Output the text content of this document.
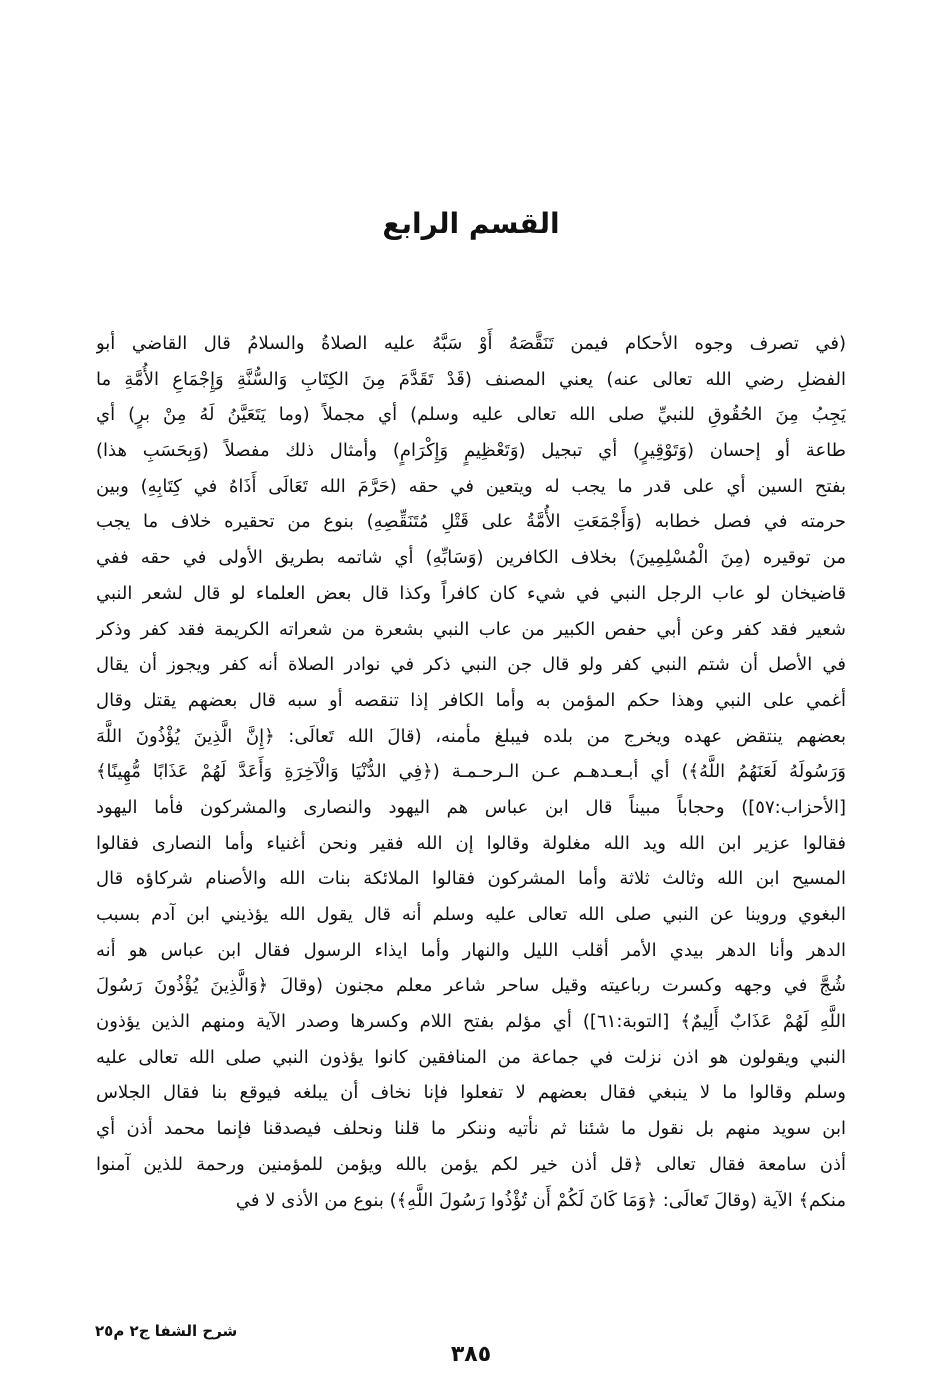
القسم الرابع
(في تصرف وجوه الأحكام فيمن تَنَقَّصَهُ أَوْ سَبَّهُ عليه الصلاةُ والسلامُ قال القاضي أبو
الفضلِ رضي الله تعالى عنه) يعني المصنف (قَدْ تَقَدَّمَ مِنَ الكِتَابِ وَالسُّنَّةِ وَإِجْمَاعِ الأُمَّةِ ما
يَجِبُ مِنَ الحُقُوقِ للنبيِّ صلى الله تعالى عليه وسلم) أي مجملاً (وما يَتَعَيَّنُ لَهُ مِنْ برٍ) أي
طاعة أو إحسان (وَتَوْقِيرٍ) أي تبجيل (وَتَعْظِيمٍ وَإِكْرَامٍ) وأمثال ذلك مفصلاً (وَبِحَسَبِ هذا)
بفتح السين أي على قدر ما يجب له ويتعين في حقه (حَرَّمَ الله تَعَالَى أَذَاهُ في كِتَابِهِ) وبين
حرمته في فصل خطابه (وَأَجْمَعَتِ الأُمَّةُ على قَتْلِ مُتَنَقِّصِهِ) بنوع من تحقيره خلاف ما يجب
من توقيره (مِنَ الْمُسْلِمِينَ) بخلاف الكافرين (وَسَابِّهِ) أي شاتمه بطريق الأولى في حقه ففي
قاضيخان لو عاب الرجل النبي في شيء كان كافراً وكذا قال بعض العلماء لو قال لشعر النبي
شعير فقد كفر وعن أبي حفص الكبير من عاب النبي بشعرة من شعراته الكريمة فقد كفر وذكر
في الأصل أن شتم النبي كفر ولو قال جن النبي ذكر في نوادر الصلاة أنه كفر ويجوز أن يقال
أغمي على النبي وهذا حكم المؤمن به وأما الكافر إذا تنقصه أو سبه قال بعضهم يقتل وقال
بعضهم ينتقض عهده ويخرج من بلده فيبلغ مأمنه، (قالَ الله تَعالَى: ﴿إِنَّ الَّذِينَ يُؤْذُونَ اللَّهَ
وَرَسُولَهُ لَعَنَهُمُ اللَّهُ﴾) أي أبـعـدهـم عـن الـرحـمـة (﴿فِي الدُّنْيَا وَالْآخِرَةِ وَأَعَدَّ لَهُمْ عَذَابًا مُّهِينًا﴾
[الأحزاب:٥٧]) وحجاباً مبيناً قال ابن عباس هم اليهود والنصارى والمشركون فأما اليهود
فقالوا عزير ابن الله ويد الله مغلولة وقالوا إن الله فقير ونحن أغنياء وأما النصارى فقالوا
المسيح ابن الله وثالث ثلاثة وأما المشركون فقالوا الملائكة بنات الله والأصنام شركاؤه قال
البغوي وروينا عن النبي صلى الله تعالى عليه وسلم أنه قال يقول الله يؤذيني ابن آدم بسبب
الدهر وأنا الدهر بيدي الأمر أقلب الليل والنهار وأما ايذاء الرسول فقال ابن عباس هو أنه
شُجَّ في وجهه وكسرت رباعيته وقيل ساحر شاعر معلم مجنون (وقالَ ﴿وَالَّذِينَ يُؤْذُونَ رَسُولَ
اللَّهِ لَهُمْ عَذَابٌ أَلِيمٌ﴾ [التوبة:٦١]) أي مؤلم بفتح اللام وكسرها وصدر الآية ومنهم الذين يؤذون
النبي ويقولون هو اذن نزلت في جماعة من المنافقين كانوا يؤذون النبي صلى الله تعالى عليه
وسلم وقالوا ما لا ينبغي فقال بعضهم لا تفعلوا فإنا نخاف أن يبلغه فيوقع بنا فقال الجلاس
ابن سويد منهم بل نقول ما شئنا ثم نأتيه وننكر ما قلنا ونحلف فيصدقنا فإنما محمد أذن أي
أذن سامعة فقال تعالى ﴿قل أذن خير لكم يؤمن بالله ويؤمن للمؤمنين ورحمة للذين آمنوا
منكم﴾ الآية (وقالَ تَعالَى: ﴿وَمَا كَانَ لَكُمْ أَن تُؤْذُوا رَسُولَ اللَّهِ﴾) بنوع من الأذى لا في
شرح الشفا ج٢ م٢٥
٣٨٥
